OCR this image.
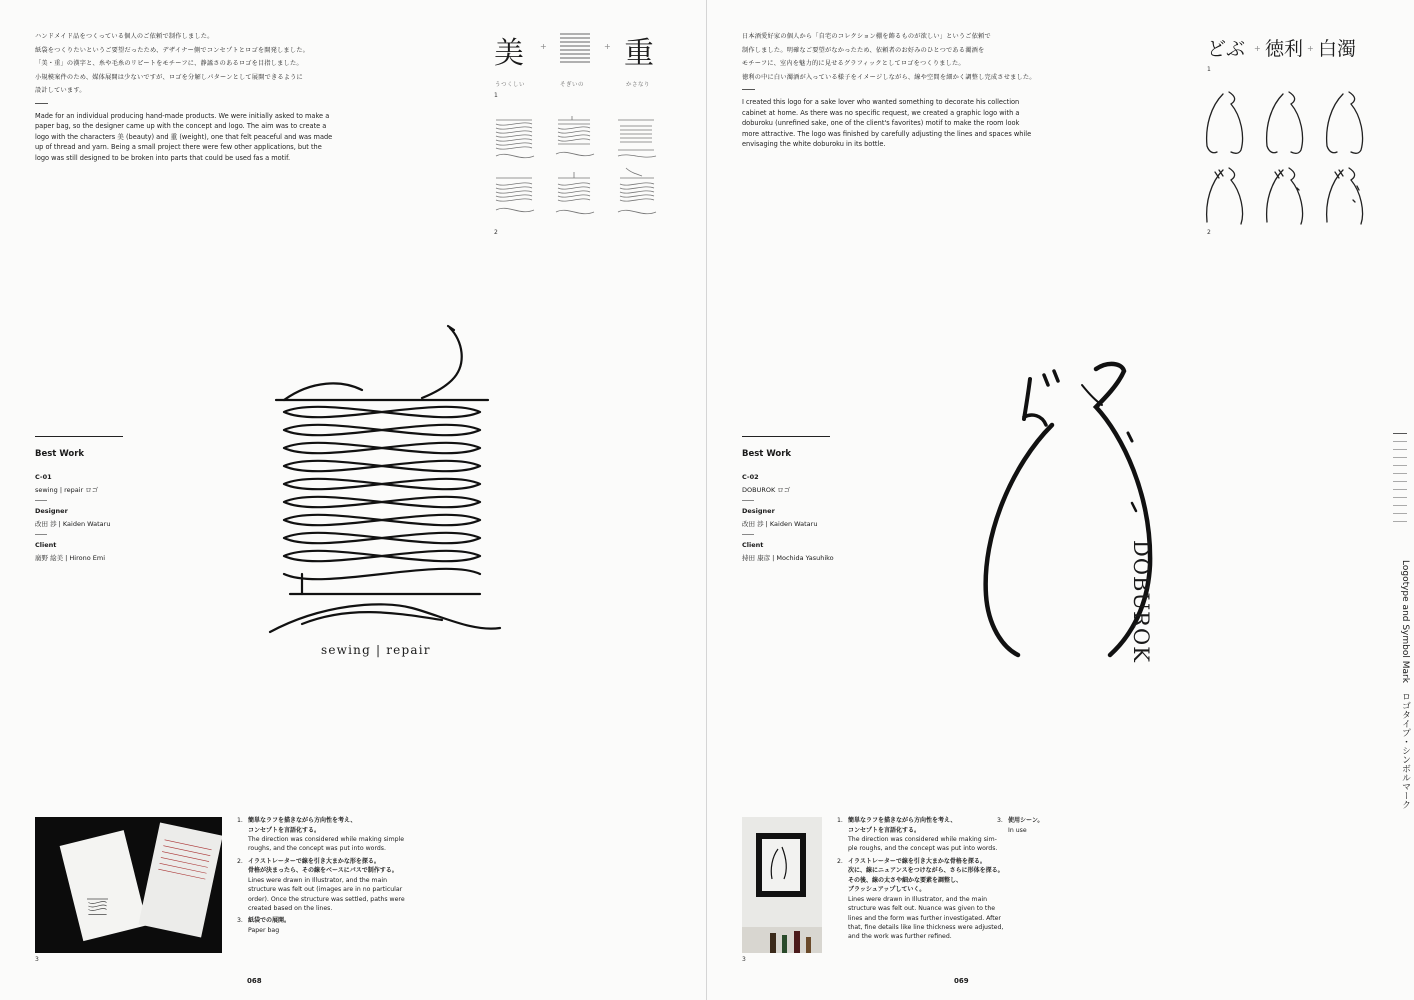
ハンドメイド品をつくっている個人のご依頼で制作しました。
紙袋をつくりたいというご要望だったため、デザイナー側でコンセプトとロゴを開発しました。
「美・重」の漢字と、糸や毛糸のリピートをモチーフに、静謐さのあるロゴを目指しました。
小規模案件のため、媒体展開は少ないですが、ロゴを分解しパターンとして展開できるように
設計しています。
Made for an individual producing hand-made products. We were initially asked to make a
paper bag, so the designer came up with the concept and logo. The aim was to create a
logo with the characters 美 (beauty) and 重 (weight), one that felt peaceful and was made
up of thread and yarn. Being a small project there were few other applications, but the
logo was still designed to be broken into parts that could be used fas a motif.
美 +	+ 重
うつくしい	そぎいの	かさなり
1
2
sewing | repair
Best Work
C-01
sewing | repair ロゴ
Designer
改田 渉 | Kaiden Wataru
Client
廣野 絵美 | Hirono Emi
3
1. 簡単なラフを描きながら方向性を考え、
コンセプトを言語化する。
The direction was considered while making simple
roughs, and the concept was put into words.
2. イラストレーターで線を引き大まかな形を探る。
骨格が決まったら、その線をベースにパスで制作する。
Lines were drawn in Illustrator, and the main
structure was felt out (images are in no particular
order). Once the structure was settled, paths were
created based on the lines.
3. 紙袋での展開。
Paper bag
068
日本酒愛好家の個人から「自宅のコレクション棚を飾るものが欲しい」というご依頼で
制作しました。明確なご要望がなかったため、依頼者のお好みのひとつである濁酒を
モチーフに、室内を魅力的に見せるグラフィックとしてロゴをつくりました。
徳利の中に白い濁酒が入っている様子をイメージしながら、線や空間を細かく調整し完成させました。
I created this logo for a sake lover who wanted something to decorate his collection
cabinet at home. As there was no specific request, we created a graphic logo with a
doburoku (unrefined sake, one of the client's favorites) motif to make the room look
more attractive. The logo was finished by carefully adjusting the lines and spaces while
envisaging the white doburoku in its bottle.
どぶ + 徳利 + 白濁
1
2
DOBUROK
Best Work
C-02
DOBUROK ロゴ
Designer
改田 渉 | Kaiden Wataru
Client
持田 康彦 | Mochida Yasuhiko
3
1. 簡単なラフを描きながら方向性を考え、
コンセプトを言語化する。
The direction was considered while making sim-
ple roughs, and the concept was put into words.
2. イラストレーターで線を引き大まかな骨格を探る。
次に、線にニュアンスをつけながら、さらに形体を探る。
その後、線の太さや細かな要素を調整し、
ブラッシュアップしていく。
Lines were drawn in Illustrator, and the main
structure was felt out. Nuance was given to the
lines and the form was further investigated. After
that, fine details like line thickness were adjusted,
and the work was further refined.
3. 使用シーン。
In use
069
Logotype and Symbol Mark　ロゴタイプ・シンボルマーク
